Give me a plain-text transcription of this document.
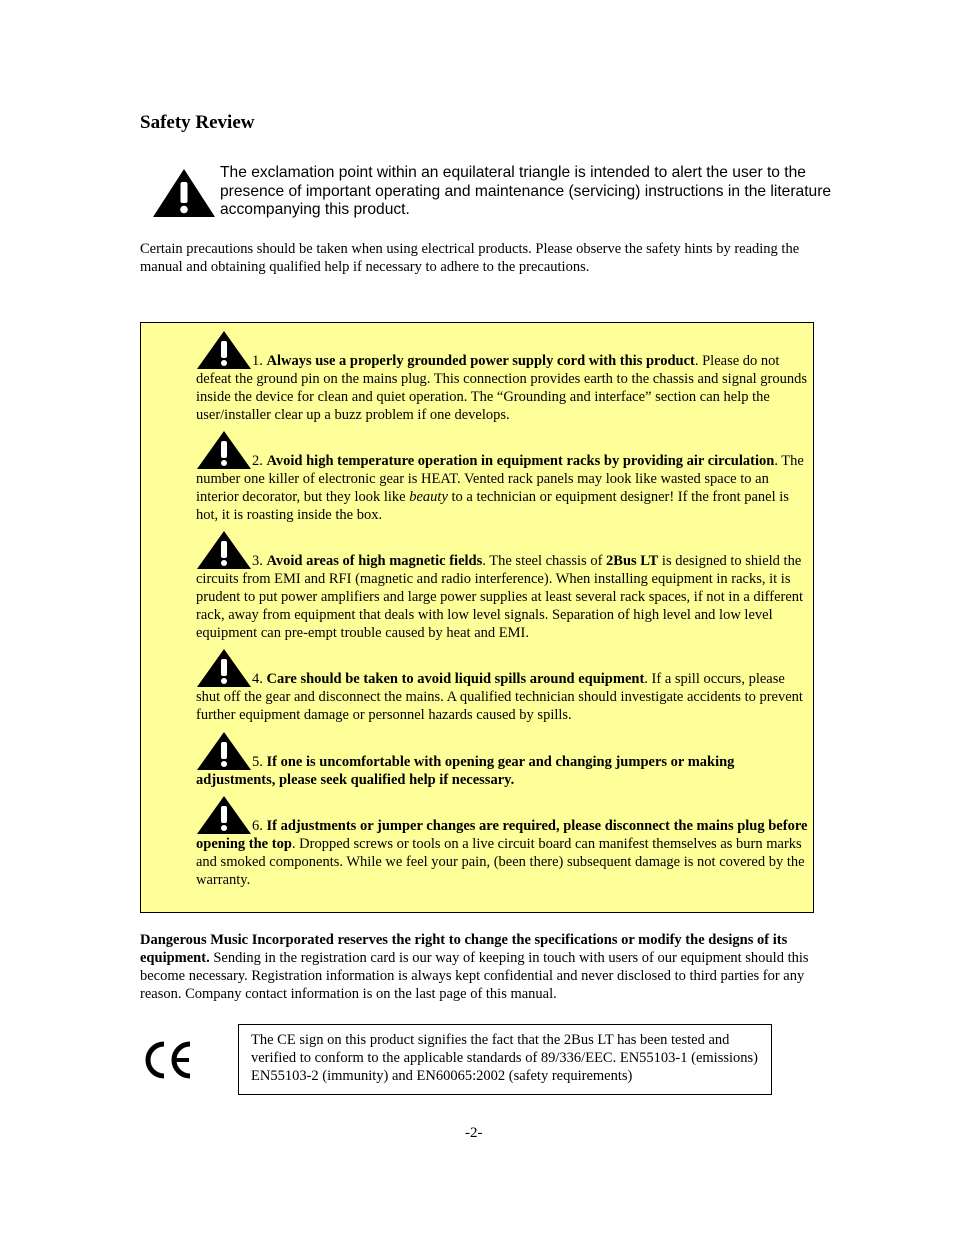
Safety Review
The exclamation point within an equilateral triangle is intended to alert the user to the presence of important operating and maintenance (servicing) instructions in the literature accompanying this product.
Certain precautions should be taken when using electrical products. Please observe the safety hints by reading the manual and obtaining qualified help if necessary to adhere to the precautions.
1. Always use a properly grounded power supply cord with this product. Please do not defeat the ground pin on the mains plug. This connection provides earth to the chassis and signal grounds inside the device for clean and quiet operation. The “Grounding and interface” section can help the user/installer clear up a buzz problem if one develops.
2. Avoid high temperature operation in equipment racks by providing air circulation. The number one killer of electronic gear is HEAT. Vented rack panels may look like wasted space to an interior decorator, but they look like beauty to a technician or equipment designer! If the front panel is hot, it is roasting inside the box.
3. Avoid areas of high magnetic fields. The steel chassis of 2Bus LT is designed to shield the circuits from EMI and RFI (magnetic and radio interference). When installing equipment in racks, it is prudent to put power amplifiers and large power supplies at least several rack spaces, if not in a different rack, away from equipment that deals with low level signals. Separation of high level and low level equipment can pre-empt trouble caused by heat and EMI.
4. Care should be taken to avoid liquid spills around equipment. If a spill occurs, please shut off the gear and disconnect the mains. A qualified technician should investigate accidents to prevent further equipment damage or personnel hazards caused by spills.
5. If one is uncomfortable with opening gear and changing jumpers or making adjustments, please seek qualified help if necessary.
6. If adjustments or jumper changes are required, please disconnect the mains plug before opening the top. Dropped screws or tools on a live circuit board can manifest themselves as burn marks and smoked components. While we feel your pain, (been there) subsequent damage is not covered by the warranty.
Dangerous Music Incorporated reserves the right to change the specifications or modify the designs of its equipment. Sending in the registration card is our way of keeping in touch with users of our equipment should this become necessary. Registration information is always kept confidential and never disclosed to third parties for any reason. Company contact information is on the last page of this manual.
The CE sign on this product signifies the fact that the 2Bus LT has been tested and verified to conform to the applicable standards of 89/336/EEC. EN55103-1 (emissions) EN55103-2 (immunity) and EN60065:2002 (safety requirements)
-2-
